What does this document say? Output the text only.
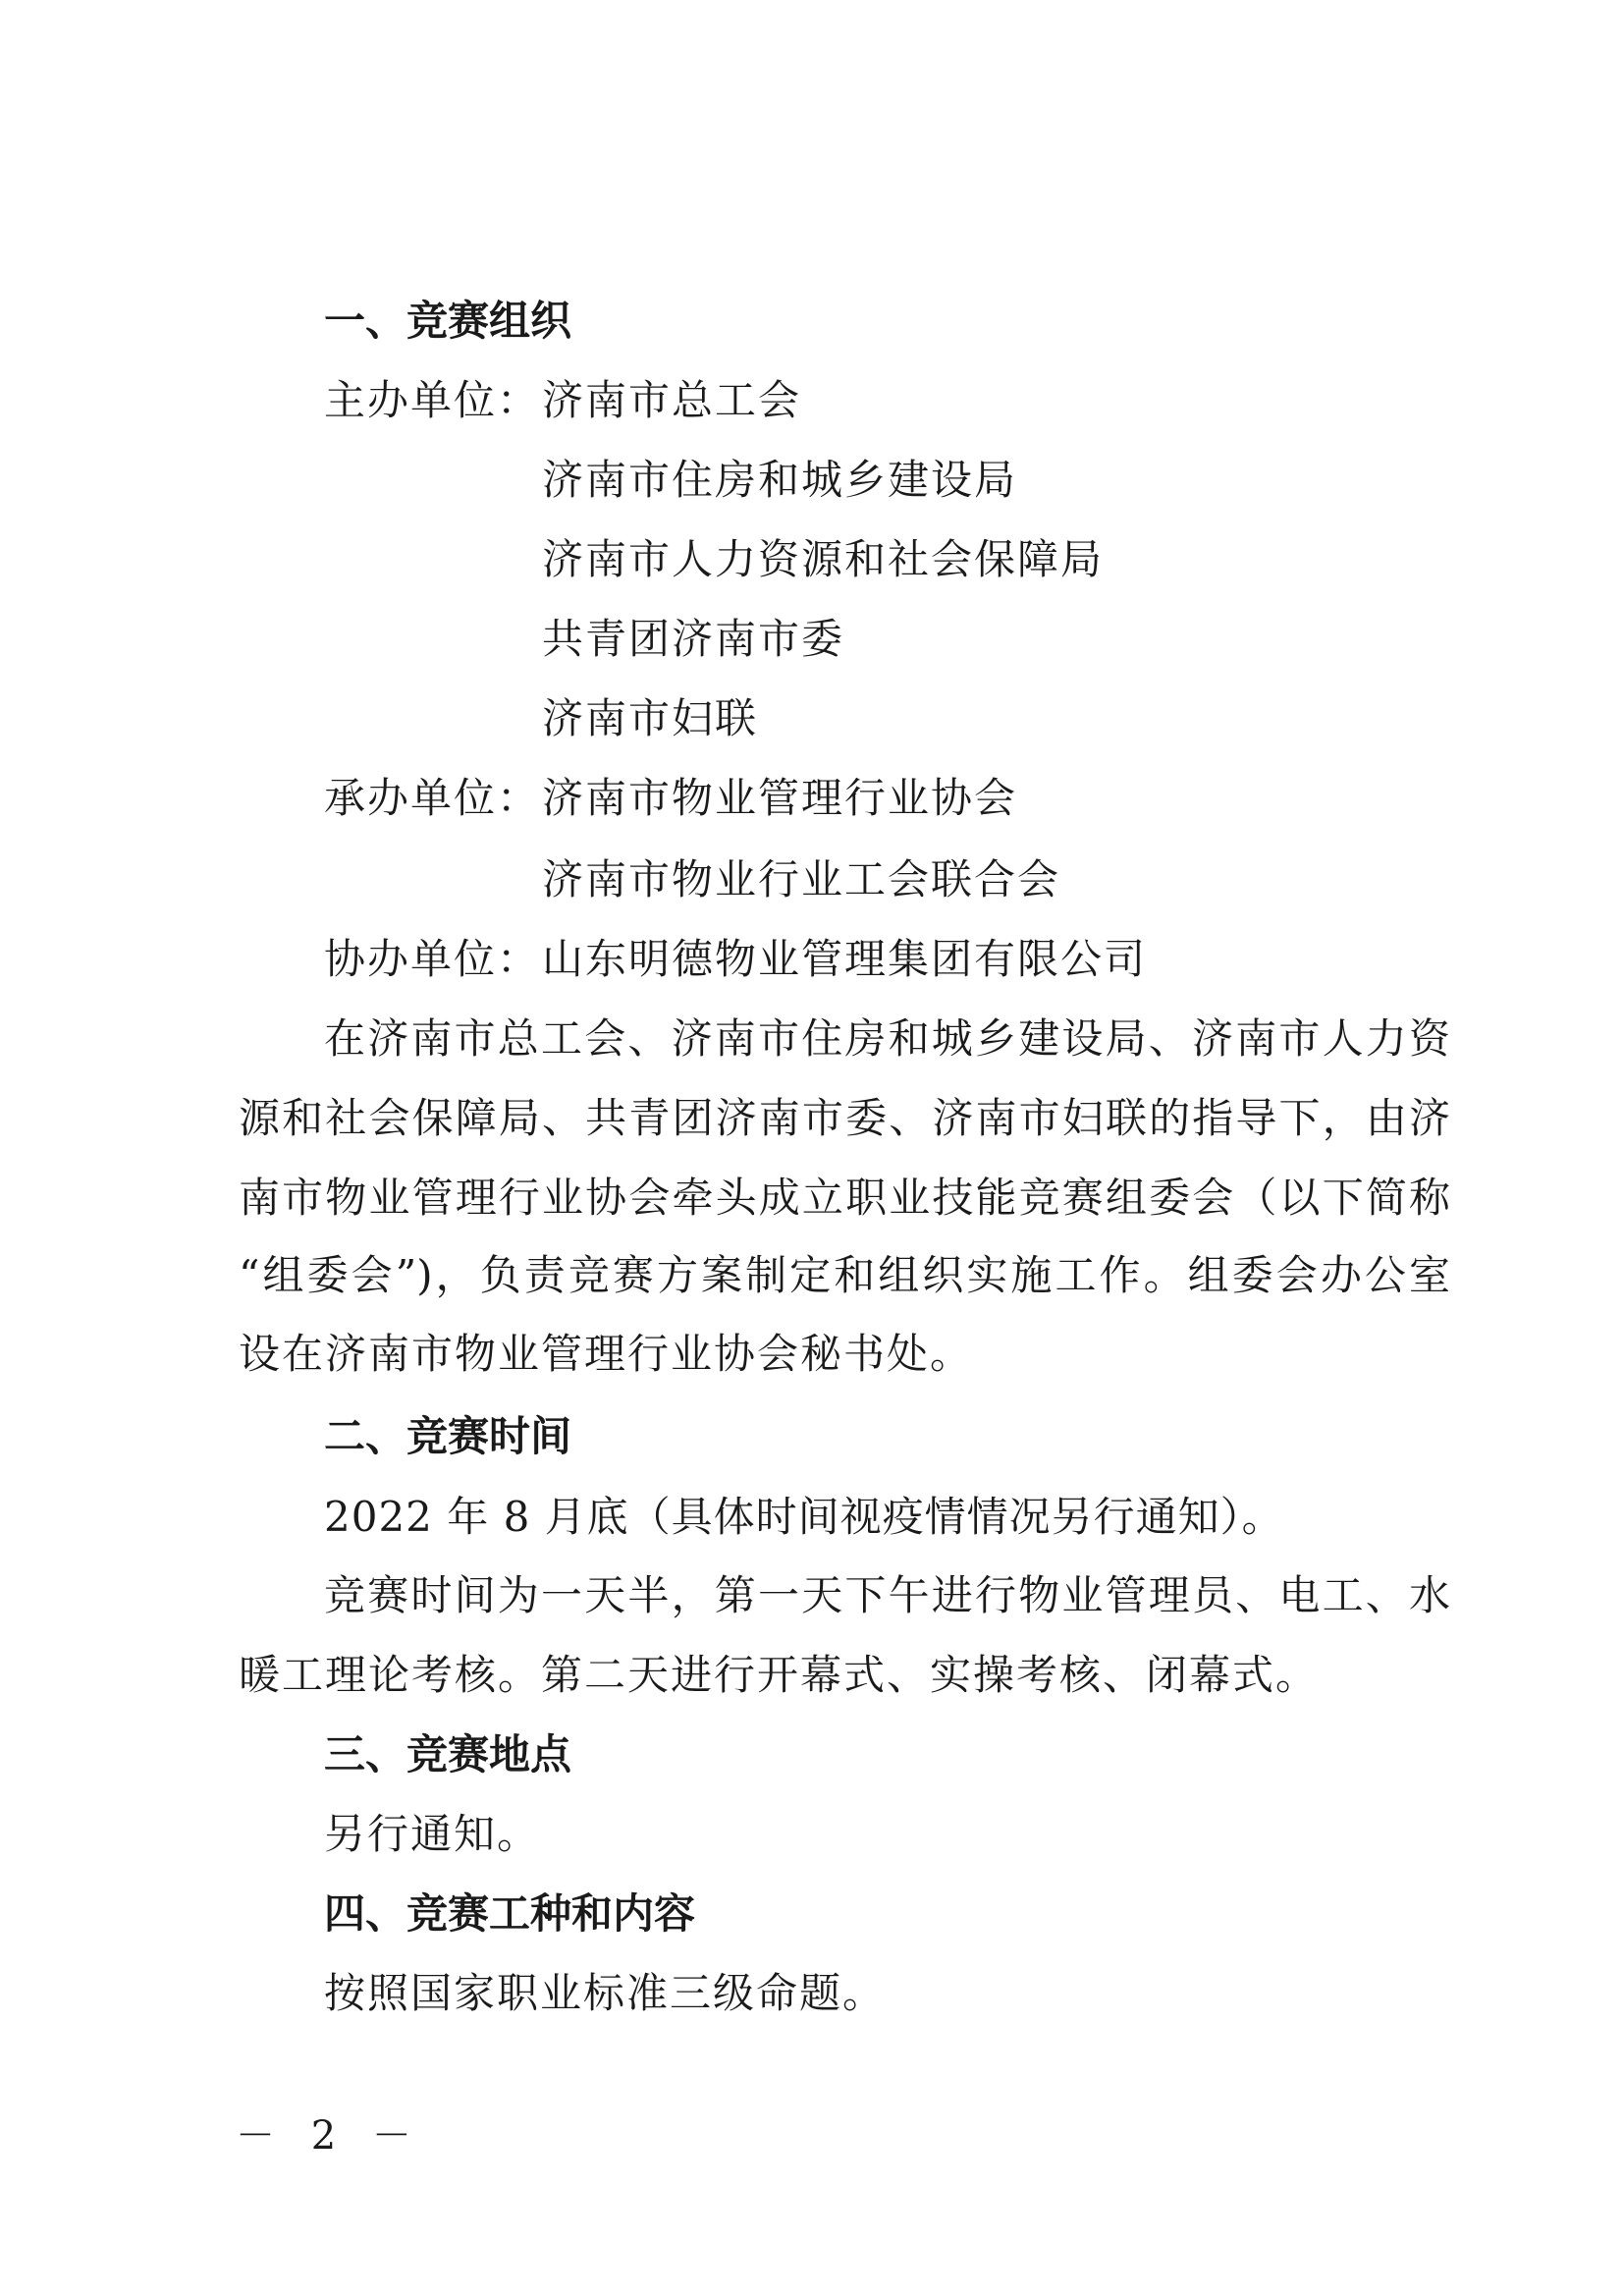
一、竞赛组织
主办单位： 济南市总工会
济南市住房和城乡建设局
济南市人力资源和社会保障局
共青团济南市委
济南市妇联
承办单位： 济南市物业管理行业协会
济南市物业行业工会联合会
协办单位： 山东明德物业管理集团有限公司
在济南市总工会、济南市住房和城乡建设局、济南市人力资
源和社会保障局、共青团济南市委、济南市妇联的指导下，由济
南市物业管理行业协会牵头成立职业技能竞赛组委会（以下简称
“组委会”)，负责竞赛方案制定和组织实施工作。组委会办公室
设在济南市物业管理行业协会秘书处。
二、竞赛时间
2022 年 8 月底（具体时间视疫情情况另行通知）。
竞赛时间为一天半，第一天下午进行物业管理员、电工、水
暖工理论考核。第二天进行开幕式、实操考核、闭幕式。
三、竞赛地点
另行通知。
四、竞赛工种和内容
按照国家职业标准三级命题。
－ 2 －
